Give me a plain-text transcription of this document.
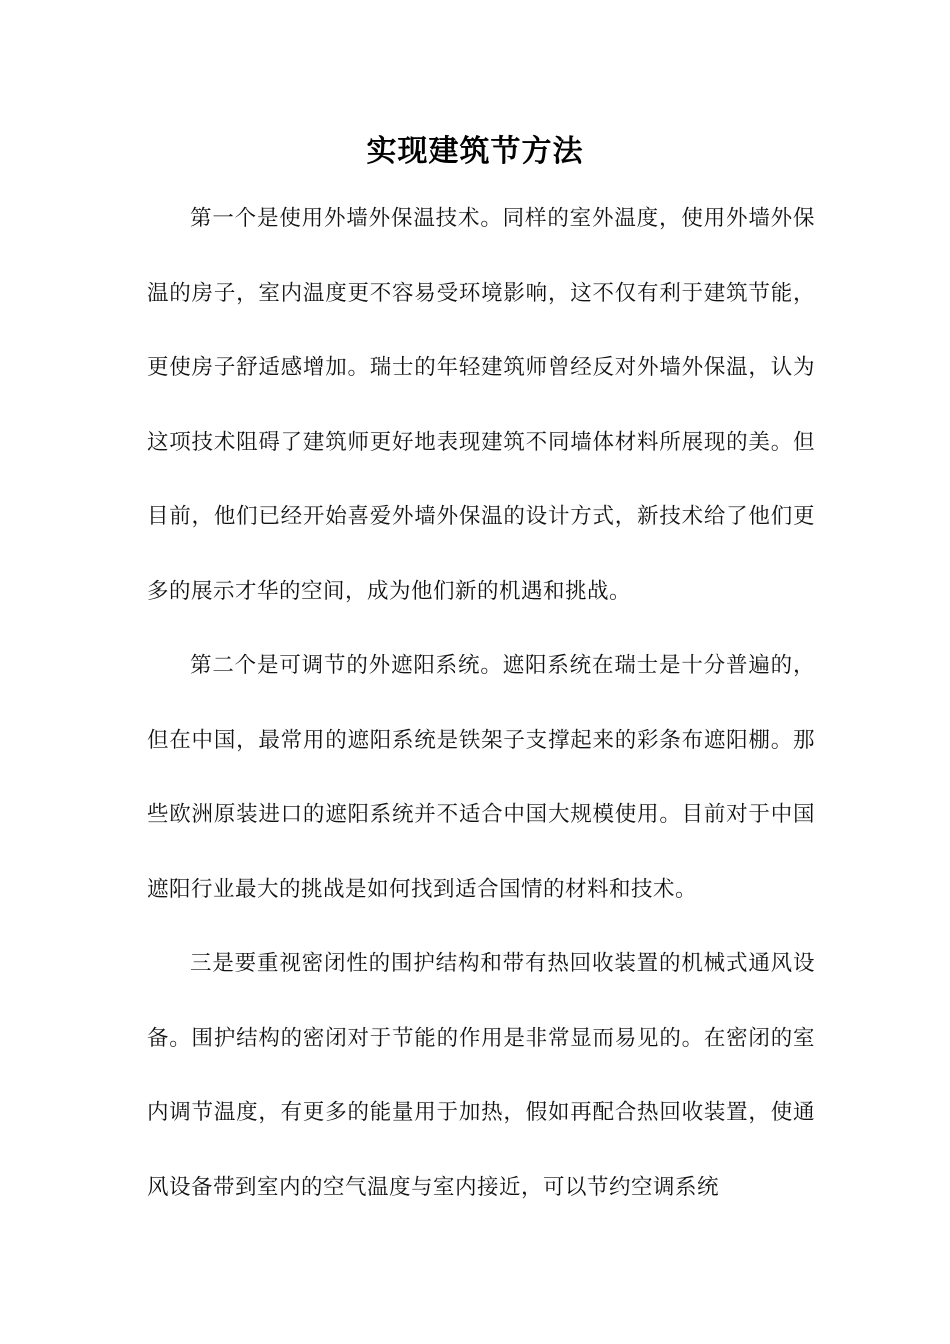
实现建筑节方法

第一个是使用外墙外保温技术。同样的室外温度，使用外墙外保温的房子，室内温度更不容易受环境影响，这不仅有利于建筑节能，更使房子舒适感增加。瑞士的年轻建筑师曾经反对外墙外保温，认为这项技术阻碍了建筑师更好地表现建筑不同墙体材料所展现的美。但目前，他们已经开始喜爱外墙外保温的设计方式，新技术给了他们更多的展示才华的空间，成为他们新的机遇和挑战。

第二个是可调节的外遮阳系统。遮阳系统在瑞士是十分普遍的，但在中国，最常用的遮阳系统是铁架子支撑起来的彩条布遮阳棚。那些欧洲原装进口的遮阳系统并不适合中国大规模使用。目前对于中国遮阳行业最大的挑战是如何找到适合国情的材料和技术。

三是要重视密闭性的围护结构和带有热回收装置的机械式通风设备。围护结构的密闭对于节能的作用是非常显而易见的。在密闭的室内调节温度，有更多的能量用于加热，假如再配合热回收装置，使通风设备带到室内的空气温度与室内接近，可以节约空调系统
